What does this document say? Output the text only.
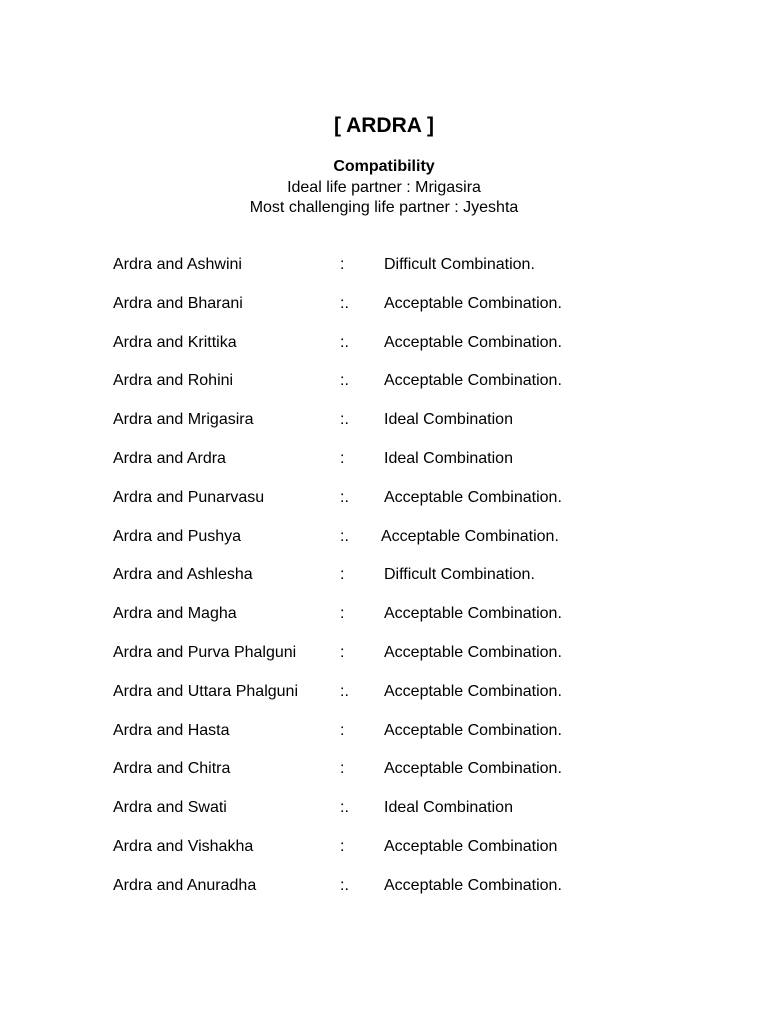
[ ARDRA ]
Compatibility
Ideal life partner : Mrigasira
Most challenging life partner : Jyeshta
Ardra and Ashwini	: Difficult Combination.
Ardra and Bharani	:. Acceptable Combination.
Ardra and Krittika	:. Acceptable Combination.
Ardra and Rohini	:. Acceptable Combination.
Ardra and Mrigasira	:. Ideal Combination
Ardra and Ardra	: Ideal Combination
Ardra and Punarvasu	:. Acceptable Combination.
Ardra and Pushya	:. Acceptable Combination.
Ardra and Ashlesha	: Difficult Combination.
Ardra and Magha	: Acceptable Combination.
Ardra and Purva Phalguni	: Acceptable Combination.
Ardra and Uttara Phalguni	:. Acceptable Combination.
Ardra and Hasta	: Acceptable Combination.
Ardra and Chitra	: Acceptable Combination.
Ardra and Swati	:. Ideal Combination
Ardra and Vishakha	: Acceptable Combination
Ardra and Anuradha	:. Acceptable Combination.
